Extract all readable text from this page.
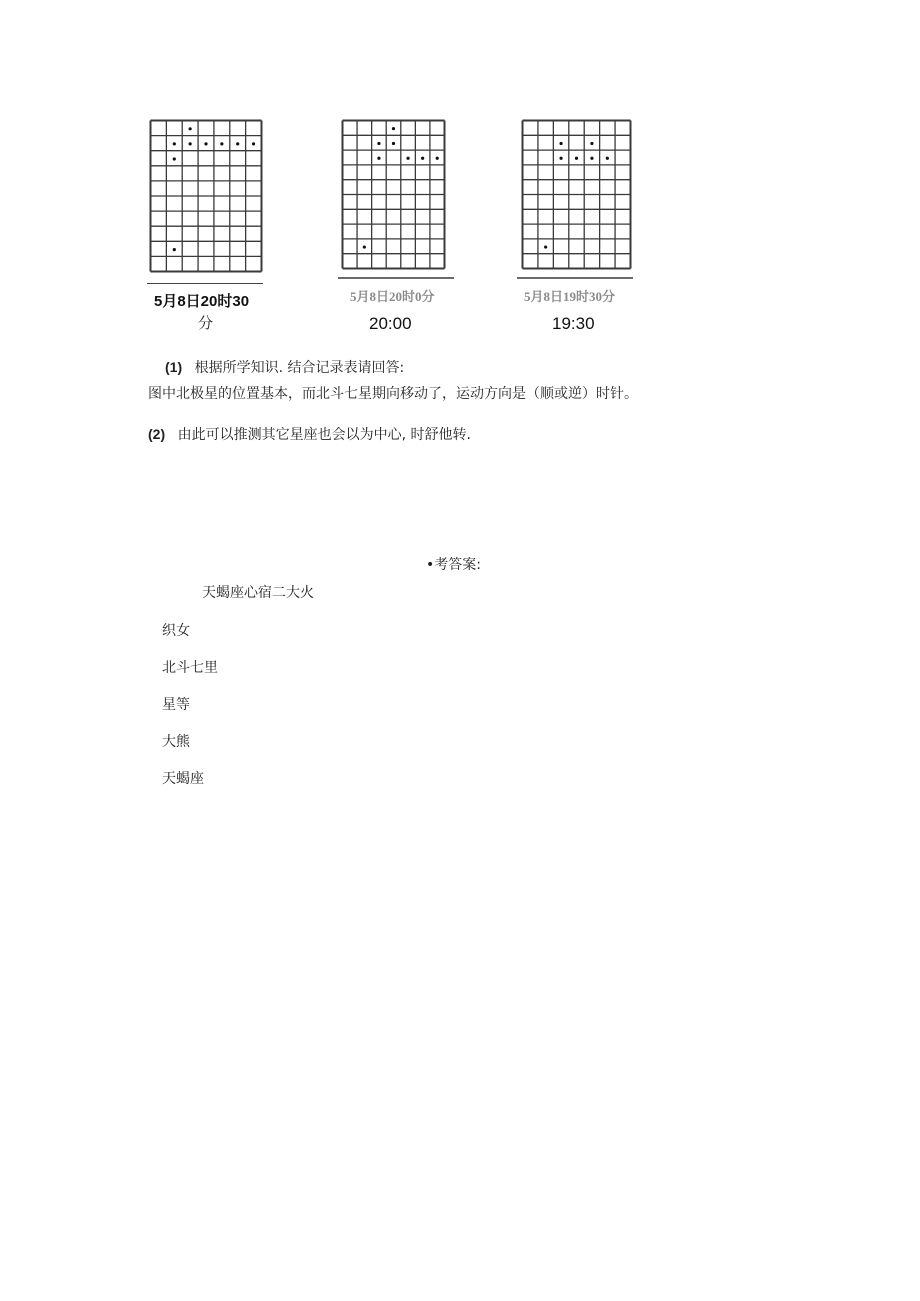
5月8日20时30
分
5月8日20时0分
20:00
5月8日19时30分
19:30
(1) 根据所学知识. 结合记录表请回答:
图中北极星的位置基本，而北斗七星期向移动了，运动方向是（顺或逆）时针。
(2) 由此可以推测其它星座也会以为中心, 时舒他转.
•考答案:
天蝎座心宿二大火
织女
北斗七里
星等
大熊
天蝎座
